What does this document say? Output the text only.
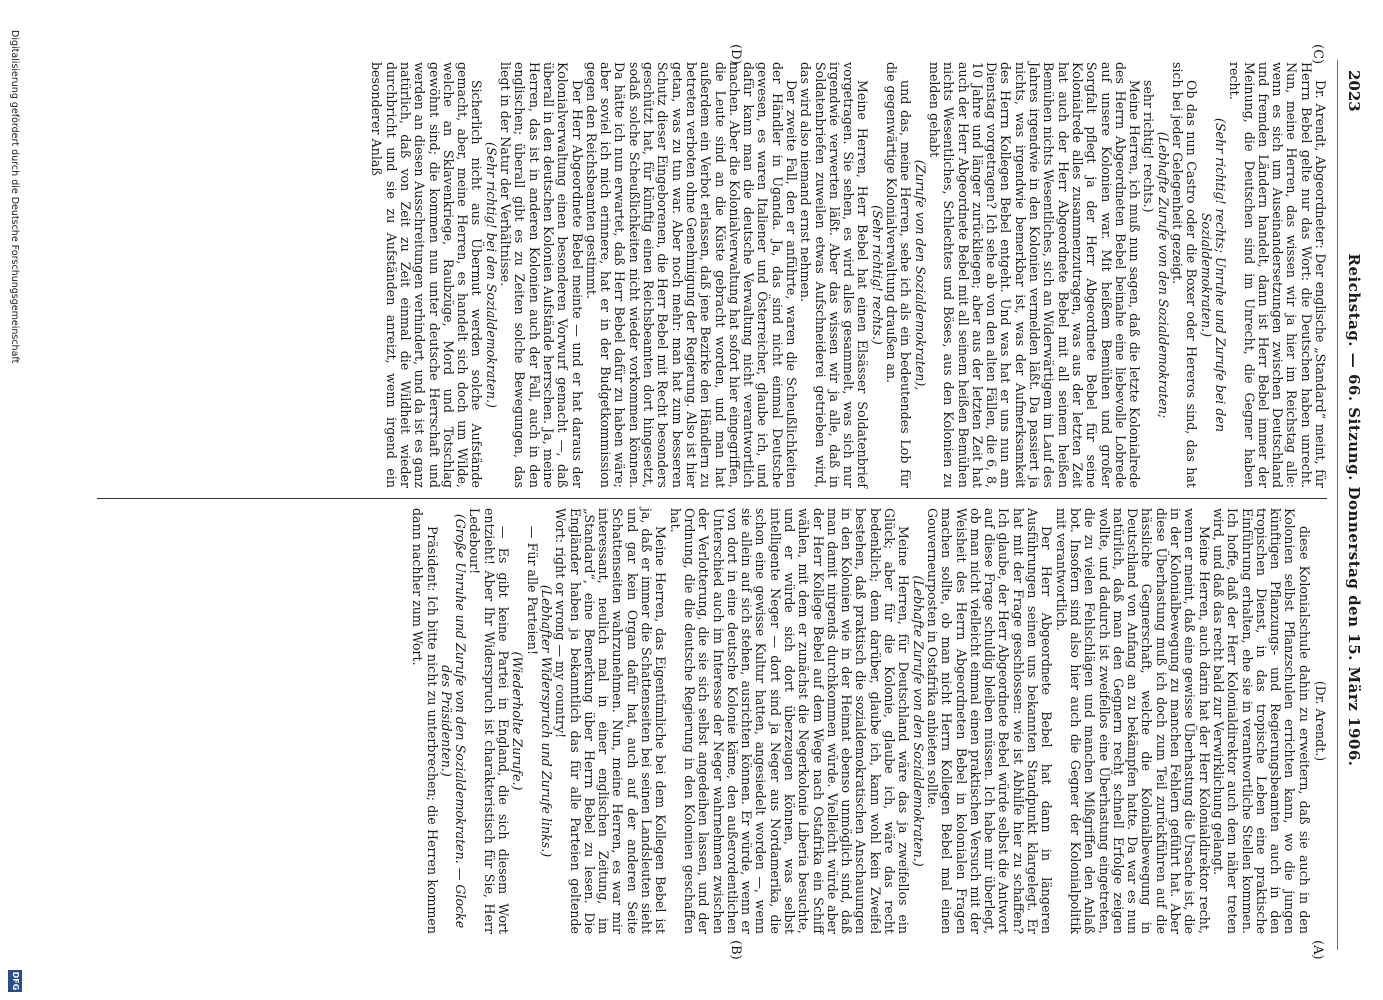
2023
Reichstag. — 66. Sitzung. Donnerstag den 15. März 1906.
(C)
(D)
(A)
(B)

Dr. Arendt, Abgeordneter: Der englische „Standard“ meint, für Herrn Bebel gelte nur das Wort: die Deutschen haben unrecht. Nun, meine Herren, das wissen wir ja hier im Reichstag alle: wenn es sich um Auseinandersetzungen zwischen Deutschland und fremden Ländern handelt, dann ist Herr Bebel immer der Meinung, die Deutschen sind im Unrecht, die Gegner haben recht.

(Sehr richtig! rechts; Unruhe und Zurufe bei den Sozialdemokraten.)

Ob das nun Castro oder die Boxer oder Hereros sind, das hat sich bei jeder Gelegenheit gezeigt.

(Lebhafte Zurufe von den Sozialdemokraten;

sehr richtig! rechts.)

Meine Herren, ich muß nun sagen, daß die letzte Kolonialrede des Herrn Abgeordneten Bebel beinahe eine liebevolle Lobrede auf unsere Kolonien war. Mit heißem Bemühen und großer Sorgfalt pflegt ja der Herr Abgeordnete Bebel für seine Kolonialrede alles zusammenzutragen, was aus der letzten Zeit hat auch der Herr Abgeordnete Bebel mit all seinem heißen Bemühen nichts Wesentliches, sich an Widerwärtigem im Lauf des Jahres irgendwie in den Kolonien vermelden läßt. Da passiert ja nichts, was irgendwie bemerkbar ist, was der Aufmerksamkeit des Herrn Kollegen Bebel entgeht. Und was hat er uns nun am Dienstag vorgetragen? Ich sehe ab von den alten Fällen, die 6, 8, 10 Jahre und länger zurückliegen; aber aus der letzten Zeit hat auch der Herr Abgeordnete Bebel mit all seinem heißen Bemühen nichts Wesentliches, Schlechtes und Böses, aus den Kolonien zu melden gehabt

(Zurufe von den Sozialdemokraten),

und das, meine Herren, sehe ich als ein bedeutendes Lob für die gegenwärtige Kolonialverwaltung draußen an.

(Sehr richtig! rechts.)

Meine Herren, Herr Bebel hat einen Elsässer Soldatenbrief vorgetragen. Sie sehen, es wird alles gesammelt, was sich nur irgendwie verwerten läßt. Aber das wissen wir ja alle, daß in Soldatenbriefen zuweilen etwas Aufschneiderei getrieben wird, das wird also niemand ernst nehmen.

Der zweite Fall, den er anführte, waren die Scheußlichkeiten der Händler in Uganda. Ja, das sind nicht einmal Deutsche gewesen, es waren Italiener und Österreicher, glaube ich, und dafür kann man die deutsche Verwaltung nicht verantwortlich machen. Aber die Kolonialverwaltung hat sofort hier eingegriffen, die Leute sind an die Küste gebracht worden, und man hat außerdem ein Verbot erlassen, daß jene Bezirke den Händlern zu betreten verboten ohne Genehmigung der Regierung. Also ist hier getan, was zu tun war. Aber noch mehr: man hat zum besseren Schutz dieser Eingeborenen, die Herr Bebel mit Recht besonders geschützt hat, für künftig einen Reichsbeamten dort hingesetzt, sodaß solche Scheußlichkeiten nicht wieder vorkommen können. Da hätte ich nun erwartet, daß Herr Bebel dafür zu haben wäre; aber soviel ich mich erinnere, hat er in der Budgetkommission gegen den Reichsbeamten gestimmt.

Der Herr Abgeordnete Bebel meinte — und er hat daraus der Kolonialverwaltung einen besonderen Vorwurf gemacht —, daß überall in den deutschen Kolonien Aufstände herrschen. Ja, meine Herren, das ist in anderen Kolonien auch der Fall, auch in den englischen; überall gibt es zu Zeiten solche Bewegungen, das liegt in der Natur der Verhältnisse.

(Sehr richtig! bei den Sozialdemokraten.)

Sicherlich nicht aus Übermut werden solche Aufstände gemacht, aber, meine Herren, es handelt sich doch um Wilde, welche an Sklavenkriege, Raubzüge, Mord und Totschlag gewöhnt sind; die kommen nun unter deutsche Herrschaft und werden an diesen Ausschreitungen verhindert, und da ist es ganz natürlich, daß von Zeit zu Zeit einmal die Wildheit wieder durchbricht und sie zu Aufständen anreizt, wenn irgend ein besonderer Anlaß

(Dr. Arendt.)

diese Kolonialschule dahin zu erweitern, daß sie auch in den Kolonien selbst Pflanzschulen errichten kann, wo die jungen künftigen Pflanzungs- und Regierungsbeamten auch in den tropischen Dienst, in das tropische Leben eine praktische Einführung erhalten, ehe sie in verantwortliche Stellen kommen. Ich hoffe, daß der Herr Kolonialdirektor auch dem näher treten wird, und daß das recht bald zur Verwirklichung gelangt.

Meine Herren, auch darin hat der Herr Kolonialdirektor recht, wenn er meint, daß eine gewisse Überhastung die Ursache ist, die in der Kolonialbewegung zu manchen Fehlern geführt hat. Aber diese Überhastung muß ich doch zum Teil zurückführen auf die hässliche Gegnerschaft, welche die Kolonialbewegung in Deutschland von Anfang an zu bekämpfen hatte. Da war es nun natürlich, daß man den Gegnern recht schnell Erfolge zeigen wollte, und dadurch ist zweifellos eine Überhastung eingetreten, die zu vielen Fehlschlägen und manchen Mißgriffen den Anlaß bot. Insofern sind also hier auch die Gegner der Kolonialpolitik mit verantwortlich.

Der Herr Abgeordnete Bebel hat dann in längeren Ausführungen seinen uns bekannten Standpunkt klargelegt. Er hat mit der Frage geschlossen: wie ist Abhilfe hier zu schaffen? Ich glaube, der Herr Abgeordnete Bebel würde selbst die Antwort auf diese Frage schuldig bleiben müssen. Ich habe mir überlegt, ob man nicht vielleicht einmal einen praktischen Versuch mit der Weisheit des Herrn Abgeordneten Bebel in kolonialen Fragen machen sollte, ob man nicht Herrn Kollegen Bebel mal einen Gouverneurposten in Ostafrika anbieten sollte.

(Lebhafte Zurufe von den Sozialdemokraten.)

Meine Herren, für Deutschland wäre das ja zweifellos ein Glück; aber für die Kolonie, glaube ich, wäre das recht bedenklich; denn darüber, glaube ich, kann wohl kein Zweifel bestehen, daß praktisch die sozialdemokratischen Anschauungen in den Kolonien wie in der Heimat ebenso unmöglich sind, daß man damit nirgends durchkommen würde. Vielleicht würde aber der Herr Kollege Bebel auf dem Wege nach Ostafrika ein Schiff wählen, mit dem er zunächst die Negerkolonie Liberia besuchte, und er würde sich dort überzeugen können, was selbst intelligente Neger — dort sind ja Neger aus Nordamerika, die schon eine gewisse Kultur hatten, angesiedelt worden —, wenn sie allein auf sich stehen, ausrichten können. Er würde, wenn er von dort in eine deutsche Kolonie käme, den außerordentlichen Unterschied auch im Interesse der Neger wahrnehmen zwischen der Verlotterung, die sie sich selbst angedeihen lassen, und der Ordnung, die die deutsche Regierung in den Kolonien geschaffen hat.

Meine Herren, das Eigentümliche bei dem Kollegen Bebel ist ja, daß er immer die Schattenseiten bei seinen Landsleuten sieht und gar kein Organ dafür hat, auch auf der anderen Seite Schattenseiten wahrzunehmen. Nun, meine Herren, es war mir interessant, neulich mal in einer englischen Zeitung, im „Standard“, eine Bemerkung über Herrn Bebel zu lesen. Die Engländer haben ja bekanntlich das für alle Parteien geltende Wort: right or wrong — my country!

(Lebhafter Widerspruch und Zurufe links.)

— Für alle Parteien!

(Wiederholte Zurufe.)

— Es gibt keine Partei in England, die sich diesem Wort entzieht! Aber Ihr Widerspruch ist charakteristisch für Sie, Herr Ledebour!

(Große Unruhe und Zurufe von den Sozialdemokraten. — Glocke des Präsidenten.)

Präsident: Ich bitte nicht zu unterbrechen; die Herren kommen dann nachher zum Wort.

Digitalisierung gefördert durch die Deutsche Forschungsgemeinschaft
DFG
